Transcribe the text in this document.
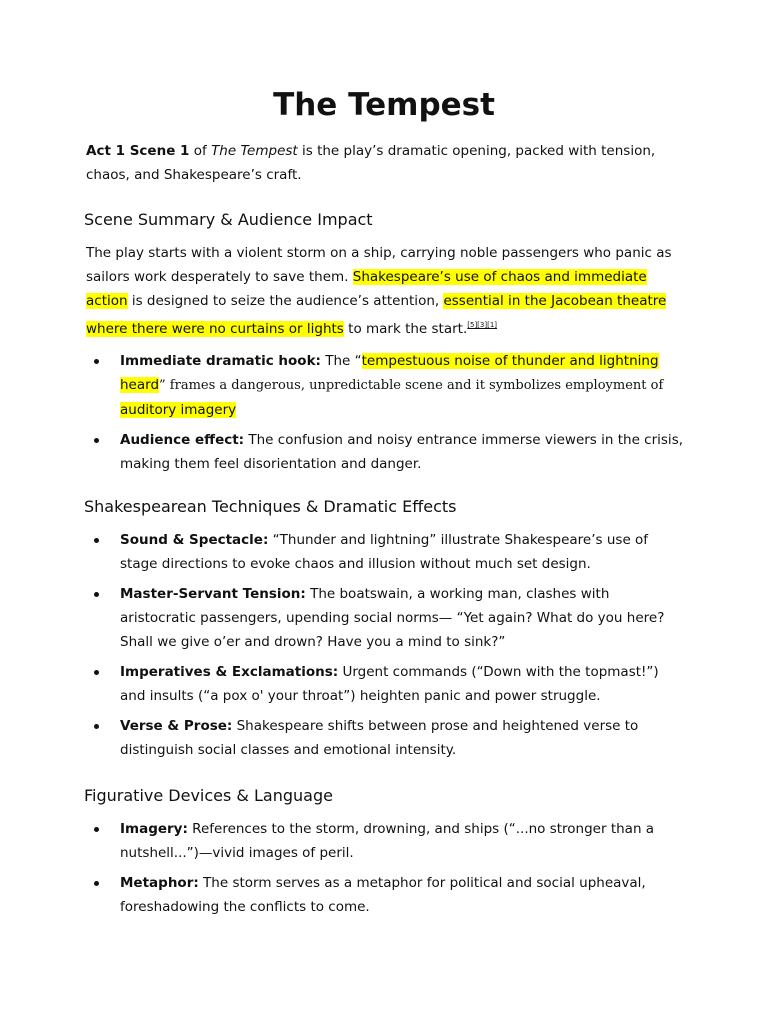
The Tempest

Act 1 Scene 1 of The Tempest is the play’s dramatic opening, packed with tension, chaos, and Shakespeare’s craft.

Scene Summary & Audience Impact

The play starts with a violent storm on a ship, carrying noble passengers who panic as sailors work desperately to save them. Shakespeare’s use of chaos and immediate action is designed to seize the audience’s attention, essential in the Jacobean theatre where there were no curtains or lights to mark the start.[5][3][1]

Immediate dramatic hook: The “tempestuous noise of thunder and lightning heard” frames a dangerous, unpredictable scene and it symbolizes employment of auditory imagery
Audience effect: The confusion and noisy entrance immerse viewers in the crisis, making them feel disorientation and danger.
Shakespearean Techniques & Dramatic Effects
Sound & Spectacle: “Thunder and lightning” illustrate Shakespeare’s use of stage directions to evoke chaos and illusion without much set design.
Master-Servant Tension: The boatswain, a working man, clashes with aristocratic passengers, upending social norms— “Yet again? What do you here? Shall we give o’er and drown? Have you a mind to sink?”
Imperatives & Exclamations: Urgent commands (“Down with the topmast!”) and insults (“a pox o' your throat”) heighten panic and power struggle.
Verse & Prose: Shakespeare shifts between prose and heightened verse to distinguish social classes and emotional intensity.
Figurative Devices & Language
Imagery: References to the storm, drowning, and ships (“...no stronger than a nutshell...”)—vivid images of peril.
Metaphor: The storm serves as a metaphor for political and social upheaval, foreshadowing the conflicts to come.
